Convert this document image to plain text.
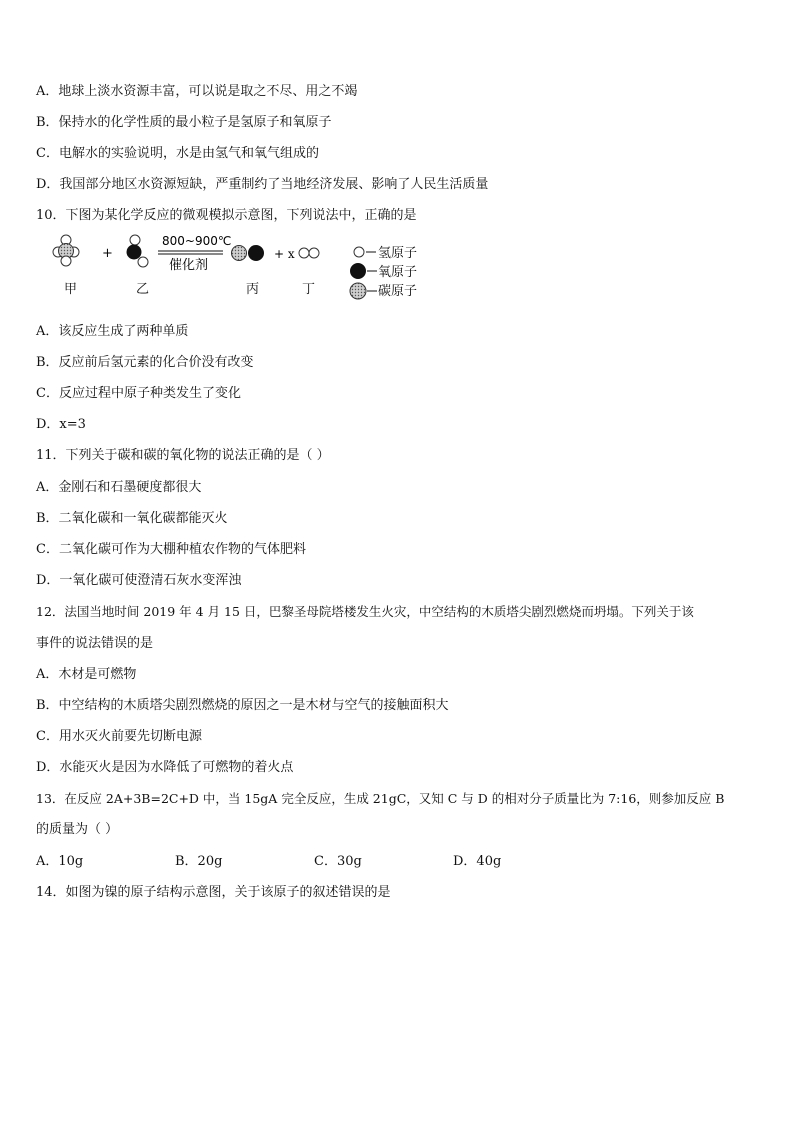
A．地球上淡水资源丰富，可以说是取之不尽、用之不竭
B．保持水的化学性质的最小粒子是氢原子和氧原子
C．电解水的实验说明，水是由氢气和氧气组成的
D．我国部分地区水资源短缺，严重制约了当地经济发展、影响了人民生活质量
10．下图为某化学反应的微观模拟示意图，下列说法中，正确的是
+
800~900℃
催化剂
+ x	氢原子
氧原子
碳原子
甲	乙	丙	丁
A．该反应生成了两种单质
B．反应前后氢元素的化合价没有改变
C．反应过程中原子种类发生了变化
D．x=3
11．下列关于碳和碳的氧化物的说法正确的是（ ）
A．金刚石和石墨硬度都很大
B．二氧化碳和一氧化碳都能灭火
C．二氧化碳可作为大棚种植农作物的气体肥料
D．一氧化碳可使澄清石灰水变浑浊
12．法国当地时间 2019 年 4 月 15 日，巴黎圣母院塔楼发生火灾，中空结构的木质塔尖剧烈燃烧而坍塌。下列关于该
事件的说法错误的是
A．木材是可燃物
B．中空结构的木质塔尖剧烈燃烧的原因之一是木材与空气的接触面积大
C．用水灭火前要先切断电源
D．水能灭火是因为水降低了可燃物的着火点
13．在反应 2A+3B=2C+D 中，当 15gA 完全反应，生成 21gC，又知 C 与 D 的相对分子质量比为 7:16，则参加反应 B
的质量为（ ）
A．10g	B．20g	C．30g	D．40g
14．如图为镍的原子结构示意图，关于该原子的叙述错误的是
